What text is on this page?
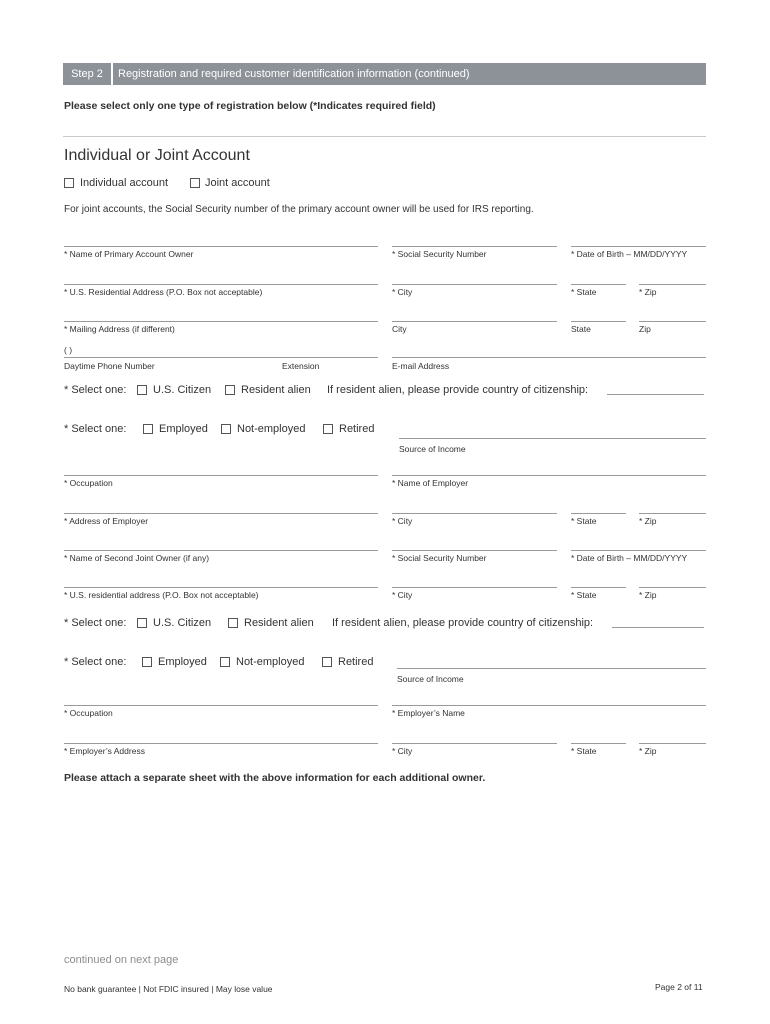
Step 2	Registration and required customer identification information (continued)
Please select only one type of registration below (*Indicates required field)
Individual or Joint Account
Individual account	Joint account
For joint accounts, the Social Security number of the primary account owner will be used for IRS reporting.
* Name of Primary Account Owner	* Social Security Number	* Date of Birth – MM/DD/YYYY
* U.S. Residential Address (P.O. Box not acceptable)	* City	* State	* Zip
* Mailing Address (if different)	City	State	Zip
( )
Daytime Phone Number	Extension	E-mail Address
* Select one: U.S. Citizen	Resident alien If resident alien, please provide country of citizenship:
* Select one:	Employed	Not-employed	Retired
Source of Income
* Occupation	* Name of Employer
* Address of Employer	* City	* State	* Zip
* Name of Second Joint Owner (if any)	* Social Security Number	* Date of Birth – MM/DD/YYYY
* U.S. residential address (P.O. Box not acceptable)	* City	* State	* Zip
* Select one: U.S. Citizen	Resident alien If resident alien, please provide country of citizenship:
* Select one:	Employed	Not-employed	Retired
Source of Income
* Occupation	* Employer’s Name
* Employer’s Address	* City	* State	* Zip
Please attach a separate sheet with the above information for each additional owner.
continued on next page
No bank guarantee | Not FDIC insured | May lose value	Page 2 of 11
